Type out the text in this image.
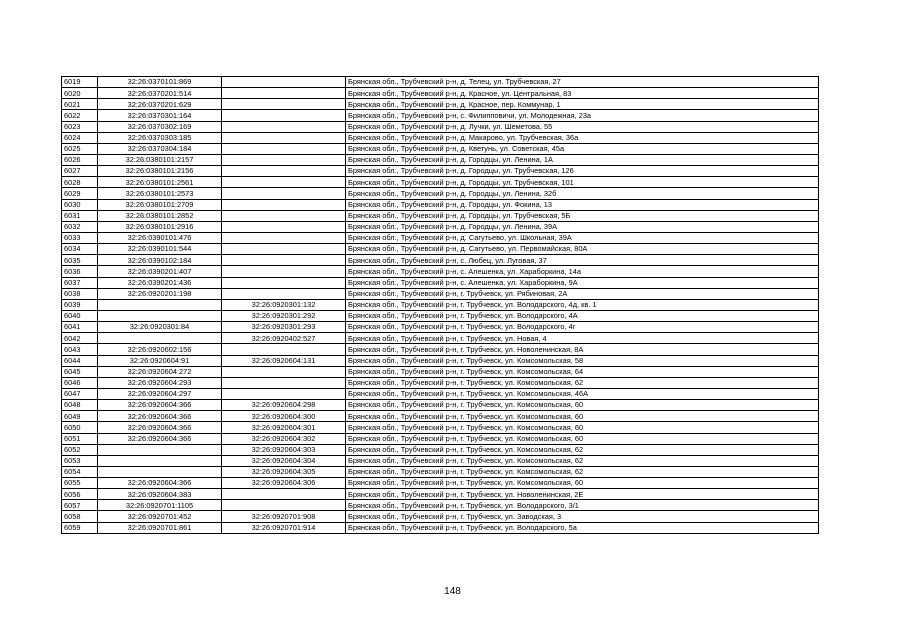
6019	32:26:0370101:869		Брянская обл., Трубчевский р-н, д. Телец, ул. Трубчевская, 27
6020	32:26:0370201:514		Брянская обл., Трубчевский р-н, д. Красное, ул. Центральная, 83
6021	32:26:0370201:629		Брянская обл., Трубчевский р-н, д. Красное, пер. Коммунар, 1
6022	32:26:0370301:164		Брянская обл., Трубчевский р-н, с. Филипповичи, ул. Молодежная, 23а
6023	32:26:0370302:169		Брянская обл., Трубчевский р-н, д. Лучки, ул. Шеметова, 55
6024	32:26:0370303:185		Брянская обл., Трубчевский р-н, д. Макарово, ул. Трубчевская, 36а
6025	32:26:0370304:184		Брянская обл., Трубчевский р-н, д. Кветунь, ул. Советская, 45а
6026	32:26:0380101:2157		Брянская обл., Трубчевский р-н, д. Городцы, ул. Ленина, 1А
6027	32:26:0380101:2156		Брянская обл., Трубчевский р-н, д. Городцы, ул. Трубчевская, 126
6028	32:26:0380101:2561		Брянская обл., Трубчевский р-н, д. Городцы, ул. Трубчевская, 101
6029	32:26:0380101:2573		Брянская обл., Трубчевский р-н, д. Городцы, ул. Ленина, 32б
6030	32:26:0380101:2709		Брянская обл., Трубчевский р-н, д. Городцы, ул. Фокина, 13
6031	32:26:0380101:2852		Брянская обл., Трубчевский р-н, д. Городцы, ул. Трубчевская, 5Б
6032	32:26:0380101:2916		Брянская обл., Трубчевский р-н, д. Городцы, ул. Ленина, 39А
6033	32:26:0390101:476		Брянская обл., Трубчевский р-н, д. Сагутьево, ул. Школьная, 39А
6034	32:26:0390101:544		Брянская обл., Трубчевский р-н, д. Сагутьево, ул. Первомайская, 80А
6035	32:26:0390102:184		Брянская обл., Трубчевский р-н, с. Любец, ул. Луговая, 37
6036	32:26:0390201:407		Брянская обл., Трубчевский р-н, с. Алешенка, ул. Хараборкина, 14а
6037	32:26:0390201:436		Брянская обл., Трубчевский р-н, с. Алешенка, ул. Хараборкина, 9А
6038	32:26:0920201:198		Брянская обл., Трубчевский р-н, г. Трубчевск, ул. Рябиновая, 2А
6039		32:26:0920301:132	Брянская обл., Трубчевский р-н, г. Трубчевск, ул. Володарского, 4д, кв. 1
6040		32:26:0920301:292	Брянская обл., Трубчевский р-н, г. Трубчевск, ул. Володарского, 4А
6041	32:26:0920301:84	32:26:0920301:293	Брянская обл., Трубчевский р-н, г. Трубчевск, ул. Володарского, 4г
6042		32:26:0920402:527	Брянская обл., Трубчевский р-н, г. Трубчевск, ул. Новая, 4
6043	32:26:0920602:156		Брянская обл., Трубчевский р-н, г. Трубчевск, ул. Новоленинская, 8А
6044	32:26:0920604:91	32:26:0920604:131	Брянская обл., Трубчевский р-н, г. Трубчевск, ул. Комсомольская, 58
6045	32:26:0920604:272		Брянская обл., Трубчевский р-н, г. Трубчевск, ул. Комсомольская, 64
6046	32:26:0920604:293		Брянская обл., Трубчевский р-н, г. Трубчевск, ул. Комсомольская, 62
6047	32:26:0920604:297		Брянская обл., Трубчевский р-н, г. Трубчевск, ул. Комсомольская, 46А
6048	32:26:0920604:366	32:26:0920604:298	Брянская обл., Трубчевский р-н, г. Трубчевск, ул. Комсомольская, 60
6049	32:26:0920604:366	32:26:0920604:300	Брянская обл., Трубчевский р-н, г. Трубчевск, ул. Комсомольская, 60
6050	32:26:0920604:366	32:26:0920604:301	Брянская обл., Трубчевский р-н, г. Трубчевск, ул. Комсомольская, 60
6051	32:26:0920604:366	32:26:0920604:302	Брянская обл., Трубчевский р-н, г. Трубчевск, ул. Комсомольская, 60
6052		32:26:0920604:303	Брянская обл., Трубчевский р-н, г. Трубчевск, ул. Комсомольская, 62
6053		32:26:0920604:304	Брянская обл., Трубчевский р-н, г. Трубчевск, ул. Комсомольская, 62
6054		32:26:0920604:305	Брянская обл., Трубчевский р-н, г. Трубчевск, ул. Комсомольская, 62
6055	32:26:0920604:366	32:26:0920604:306	Брянская обл., Трубчевский р-н, г. Трубчевск, ул. Комсомольская, 60
6056	32:26:0920604:383		Брянская обл., Трубчевский р-н, г. Трубчевск, ул. Новоленинская, 2Е
6057	32:26:0920701:1105		Брянская обл., Трубчевский р-н, г. Трубчевск, ул. Володарского, 3/1
6058	32:26:0920701:452	32:26:0920701:908	Брянская обл., Трубчевский р-н, г. Трубчевск, ул. Заводская, 3
6059	32:26:0920701:861	32:26:0920701:914	Брянская обл., Трубчевский р-н, г. Трубчевск, ул. Володарского, 5а
148
